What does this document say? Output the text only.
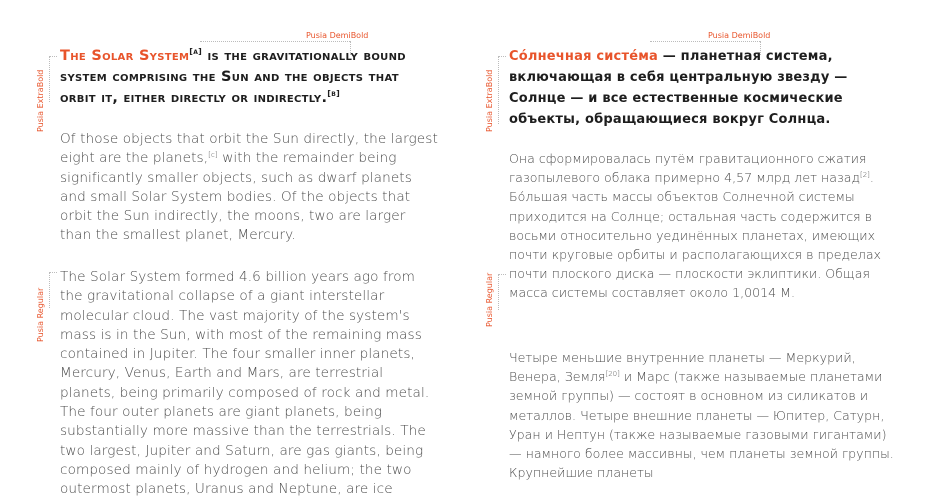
Pusia DemiBold	Pusia DemiBold
Pusia ExtraBold	Pusia ExtraBold
Pusia Regular	Pusia Regular

The Solar System[a] is the gravitationally bound system comprising the Sun and the objects that orbit it, either directly or indirectly.[b]

Of those objects that orbit the Sun directly, the largest eight are the planets,[c] with the remainder being significantly smaller objects, such as dwarf planets and small Solar System bodies. Of the objects that orbit the Sun indirectly, the moons, two are larger than the smallest planet, Mercury.

The Solar System formed 4.6 billion years ago from the gravitational collapse of a giant interstellar molecular cloud. The vast majority of the system's mass is in the Sun, with most of the remaining mass contained in Jupiter. The four smaller inner planets, Mercury, Venus, Earth and Mars, are terrestrial planets, being primarily composed of rock and metal. The four outer planets are giant planets, being substantially more massive than the terrestrials. The two largest, Jupiter and Saturn, are gas giants, being composed mainly of hydrogen and helium; the two outermost planets, Uranus and Neptune, are ice

Со́лнечная систе́ма — планетная система, включающая в себя центральную звезду — Солнце — и все естественные космические объекты, обращающиеся вокруг Солнца.

Она сформировалась путём гравитационного сжатия газопылевого облака примерно 4,57 млрд лет назад[2]. Бо́льшая часть массы объектов Солнечной системы приходится на Солнце; остальная часть содержится в восьми относительно уединённых планетах, имеющих почти круговые орбиты и располагающихся в пределах почти плоского диска — плоскости эклиптики. Общая масса системы составляет около 1,0014 M.

Четыре меньшие внутренние планеты — Меркурий, Венера, Земля[20] и Марс (также называемые планетами земной группы) — состоят в основном из силикатов и металлов. Четыре внешние планеты — Юпитер, Сатурн, Уран и Нептун (также называемые газовыми гигантами) — намного более массивны, чем планеты земной группы. Крупнейшие планеты
